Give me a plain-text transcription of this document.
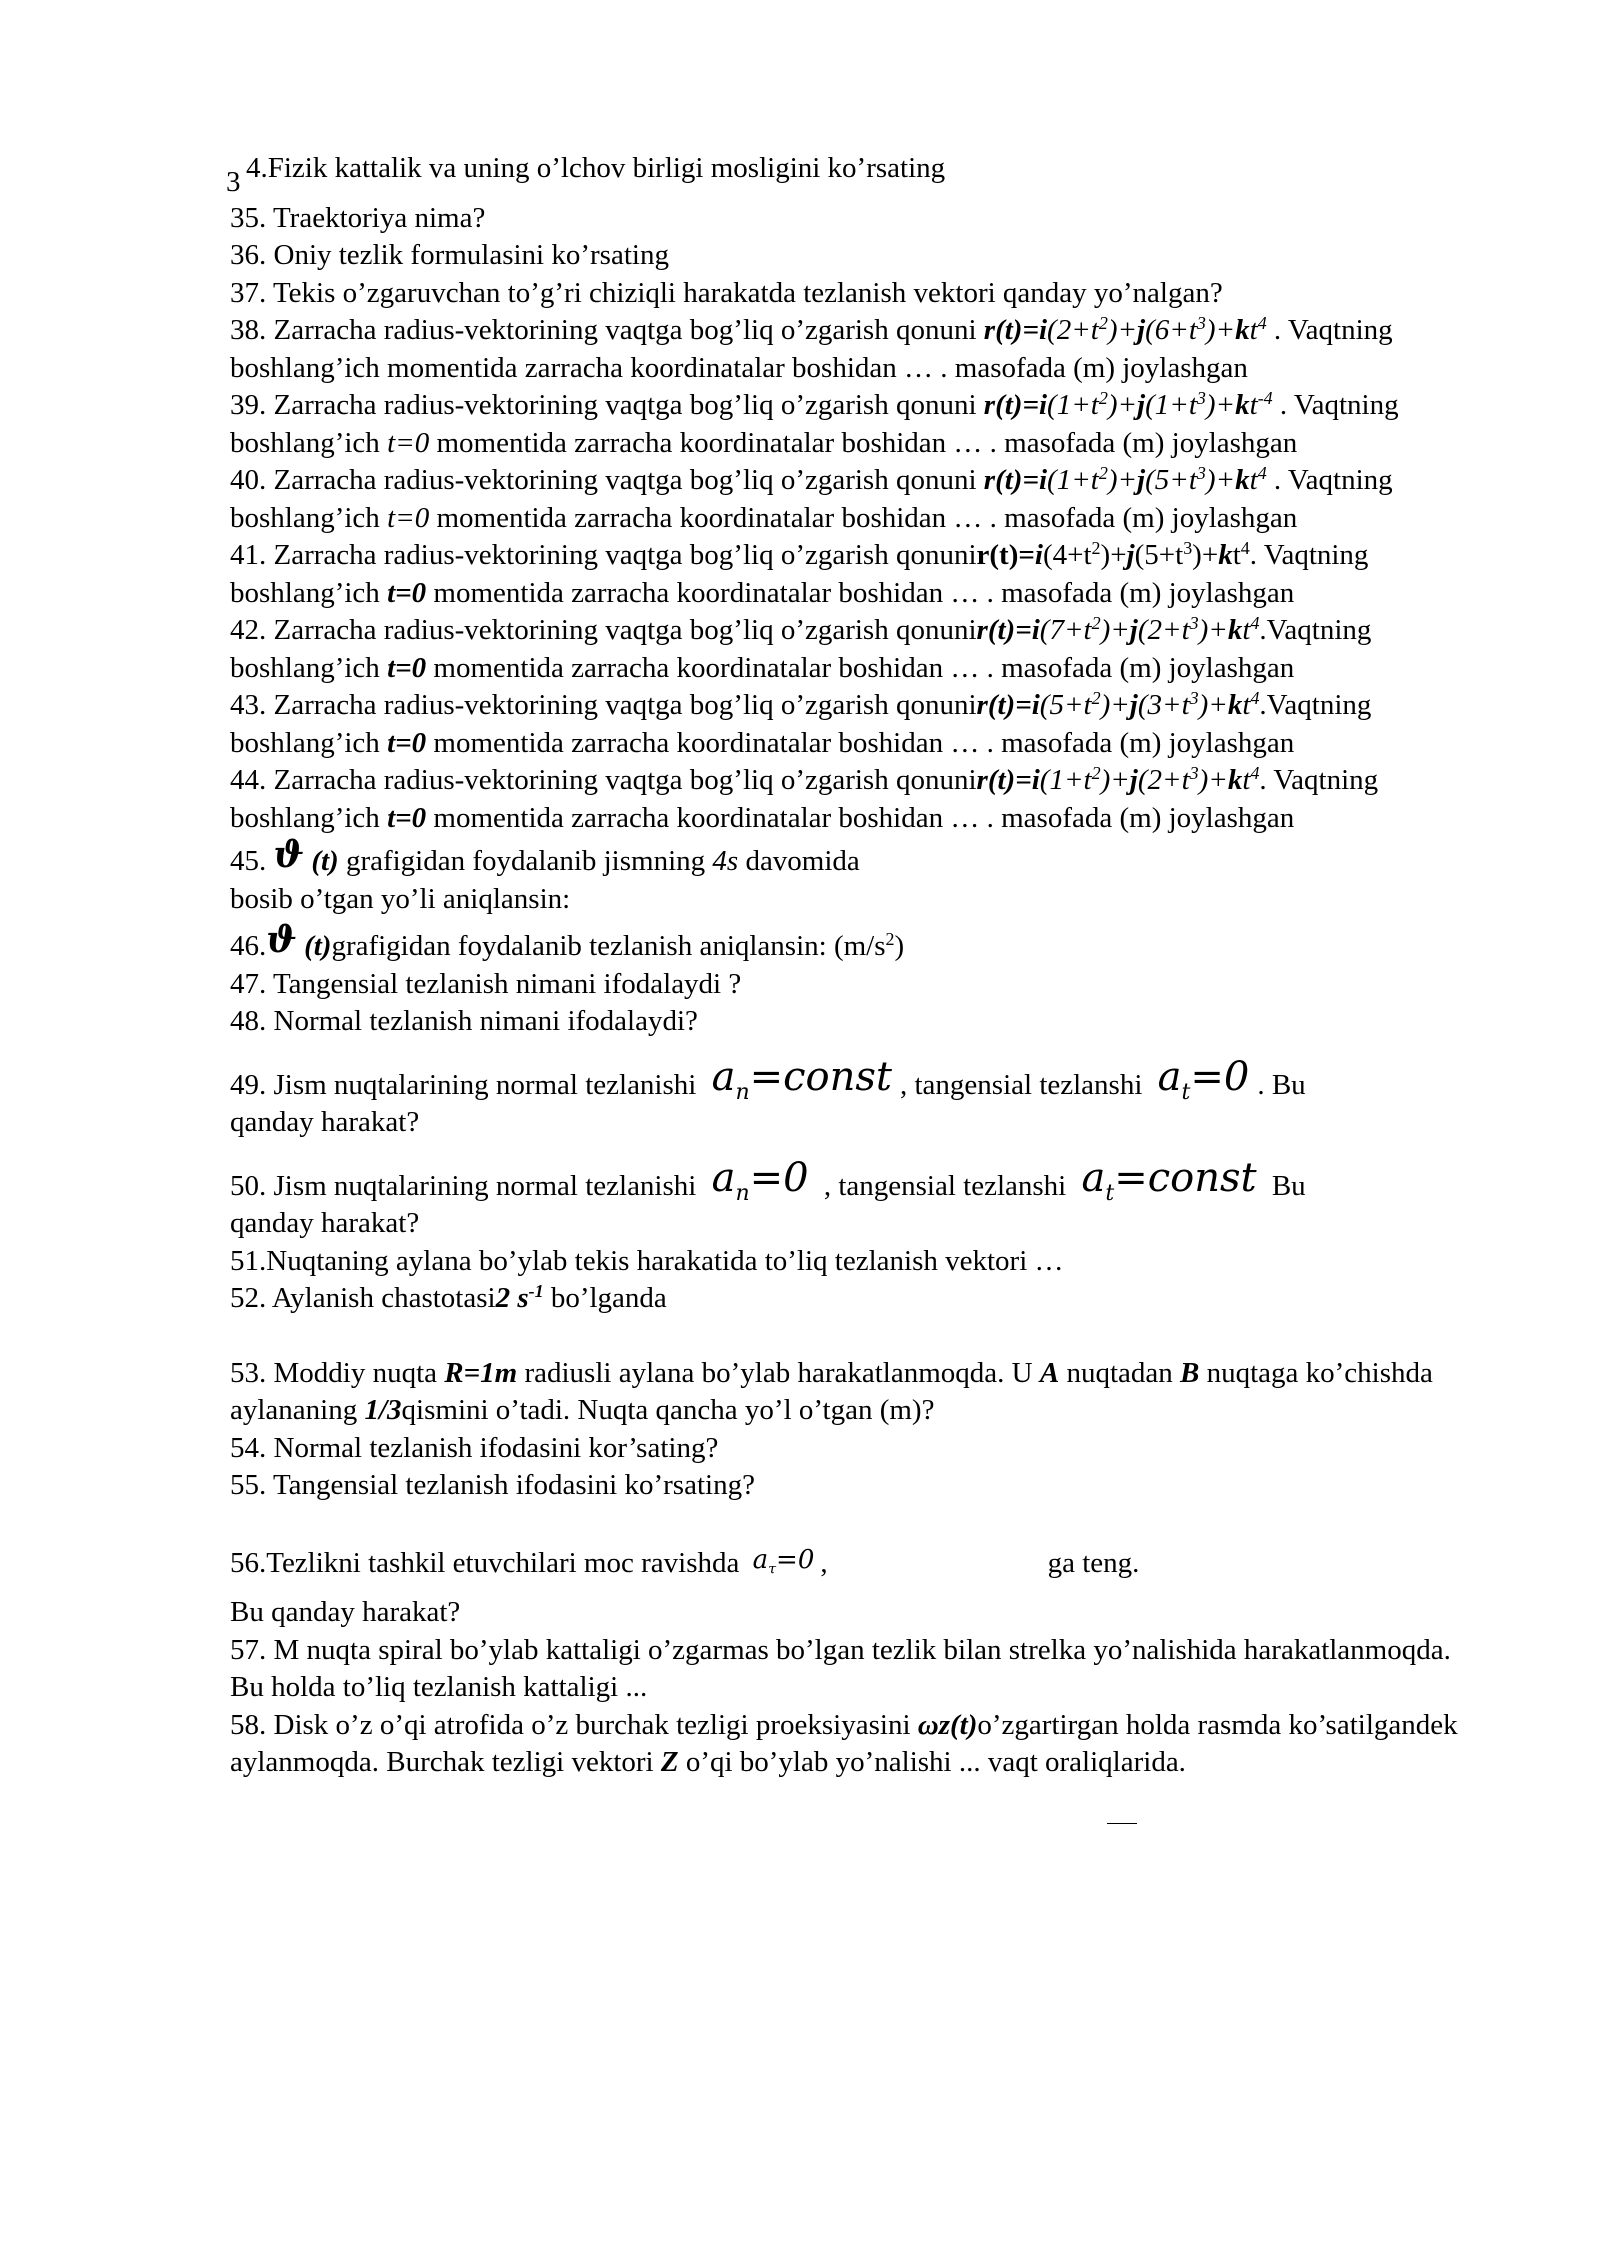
3 4.Fizik kattalik va uning o’lchov birligi mosligini ko’rsating

35. Traektoriya nima?

36. Oniy tezlik formulasini ko’rsating

37. Tekis o’zgaruvchan to’g’ri chiziqli harakatda tezlanish vektori qanday yo’nalgan?

38. Zarracha radius-vektorining vaqtga bog’liq o’zgarish qonuni $r(t)=i(2+t^2)+j(6+t^3)+kt^4$ . Vaqtning boshlang’ich momentida zarracha koordinatalar boshidan … . masofada (m) joylashgan

39. Zarracha radius-vektorining vaqtga bog’liq o’zgarish qonuni $r(t)=i(1+t^2)+j(1+t^3)+kt^{-4}$ . Vaqtning boshlang’ich t=0 momentida zarracha koordinatalar boshidan … . masofada (m) joylashgan

40. Zarracha radius-vektorining vaqtga bog’liq o’zgarish qonuni $r(t)=i(1+t^2)+j(5+t^3)+kt^4$ . Vaqtning boshlang’ich t=0 momentida zarracha koordinatalar boshidan … . masofada (m) joylashgan

41. Zarracha radius-vektorining vaqtga bog’liq o’zgarish $qonunir(t)=i(4+t^2)+j(5+t^3)+kt^4$. Vaqtning boshlang’ich t=0 momentida zarracha koordinatalar boshidan … . masofada (m) joylashgan

42. Zarracha radius-vektorining vaqtga bog’liq o’zgarish $qonunir(t)=i(7+t^2)+j(2+t^3)+kt^4.Vaqtning$ boshlang’ich t=0 momentida zarracha koordinatalar boshidan … . masofada (m) joylashgan

43. Zarracha radius-vektorining vaqtga bog’liq o’zgarish $qonunir(t)=i(5+t^2)+j(3+t^3)+kt^4.Vaqtning$ boshlang’ich t=0 momentida zarracha koordinatalar boshidan … . masofada (m) joylashgan

44. Zarracha radius-vektorining vaqtga bog’liq o’zgarish $qonunir(t)=i(1+t^2)+j(2+t^3)+kt^4$. Vaqtning boshlang’ich t=0 momentida zarracha koordinatalar boshidan … . masofada (m) joylashgan

45. ϑ (t) grafigidan foydalanib jismning 4s davomida
bosib o’tgan yo’li aniqlansin:

46.ϑ (t)grafigidan foydalanib tezlanish aniqlansin: $(m/s^2)$

47. Tangensial tezlanish nimani ifodalaydi ?

48. Normal tezlanish nimani ifodalaydi?

49. Jism nuqtalarining normal tezlanishi $a_n=const$ , tangensial tezlanshi $a_t=0$ . Bu
qanday harakat?

50. Jism nuqtalarining normal tezlanishi $a_n=0$ , tangensial tezlanshi $a_t=const$ Bu
qanday harakat?

51.Nuqtaning aylana bo’ylab tekis harakatida to’liq tezlanish vektori …

52. Aylanish chastotasi2 $s^{-1}$ bo’lganda

53. Moddiy nuqta R=1m radiusli aylana bo’ylab harakatlanmoqda. U A nuqtadan B nuqtaga ko’chishda aylananing 1/3qismini o’tadi. Nuqta qancha yo’l o’tgan (m)?

54. Normal tezlanish ifodasini kor’sating?

55. Tangensial tezlanish ifodasini ko’rsating?

56.Tezlikni tashkil etuvchilari moc ravishda $a_\tau=0$ ,	ga teng.

Bu qanday harakat?

57. M nuqta spiral bo’ylab kattaligi o’zgarmas bo’lgan tezlik bilan strelka yo’nalishida harakatlanmoqda. Bu holda to’liq tezlanish kattaligi ...

58. Disk o’z o’qi atrofida o’z burchak tezligi proeksiyasini ωz(t)o’zgartirgan holda rasmda ko’satilgandek aylanmoqda. Burchak tezligi vektori Z o’qi bo’ylab yo’nalishi ... vaqt oraliqlarida.
